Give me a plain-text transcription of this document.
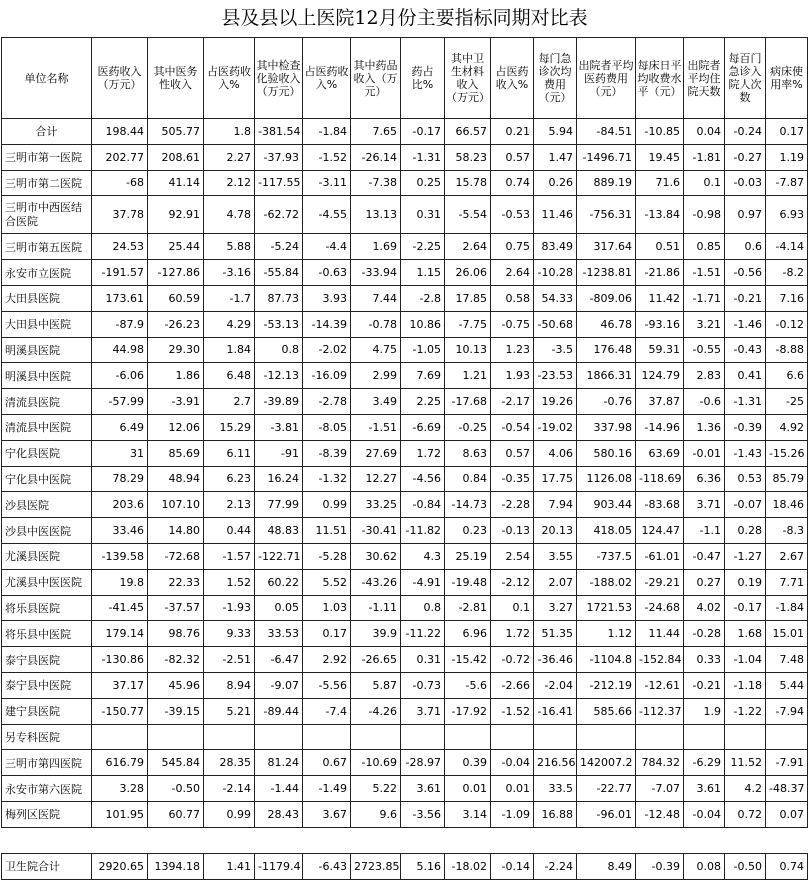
县及县以上医院12月份主要指标同期对比表
单位名称	医药收入（万元）	其中医务性收入	占医药收入%	其中检查化验收入（万元）	占医药收入%	其中药品收入（万元）	药占比%	其中卫生材料收入（万元）	占医药收入%	每门急诊次均费用（元）	出院者平均医药费用（元）	每床日平均收费水平（元）	出院者平均住院天数	每百门急诊入院人次数	病床使用率%
合计	198.44	505.77	1.8	-381.54	-1.84	7.65	-0.17	66.57	0.21	5.94	-84.51	-10.85	0.04	-0.24	0.17
三明市第一医院	202.77	208.61	2.27	-37.93	-1.52	-26.14	-1.31	58.23	0.57	1.47	-1496.71	19.45	-1.81	-0.27	1.19
三明市第二医院	-68	41.14	2.12	-117.55	-3.11	-7.38	0.25	15.78	0.74	0.26	889.19	71.6	0.1	-0.03	-7.87
三明市中西医结合医院	37.78	92.91	4.78	-62.72	-4.55	13.13	0.31	-5.54	-0.53	11.46	-756.31	-13.84	-0.98	0.97	6.93
三明市第五医院	24.53	25.44	5.88	-5.24	-4.4	1.69	-2.25	2.64	0.75	83.49	317.64	0.51	0.85	0.6	-4.14
永安市立医院	-191.57	-127.86	-3.16	-55.84	-0.63	-33.94	1.15	26.06	2.64	-10.28	-1238.81	-21.86	-1.51	-0.56	-8.2
大田县医院	173.61	60.59	-1.7	87.73	3.93	7.44	-2.8	17.85	0.58	54.33	-809.06	11.42	-1.71	-0.21	7.16
大田县中医院	-87.9	-26.23	4.29	-53.13	-14.39	-0.78	10.86	-7.75	-0.75	-50.68	46.78	-93.16	3.21	-1.46	-0.12
明溪县医院	44.98	29.30	1.84	0.8	-2.02	4.75	-1.05	10.13	1.23	-3.5	176.48	59.31	-0.55	-0.43	-8.88
明溪县中医院	-6.06	1.86	6.48	-12.13	-16.09	2.99	7.69	1.21	1.93	-23.53	1866.31	124.79	2.83	0.41	6.6
清流县医院	-57.99	-3.91	2.7	-39.89	-2.78	3.49	2.25	-17.68	-2.17	19.26	-0.76	37.87	-0.6	-1.31	-25
清流县中医院	6.49	12.06	15.29	-3.81	-8.05	-1.51	-6.69	-0.25	-0.54	-19.02	337.98	-14.96	1.36	-0.39	4.92
宁化县医院	31	85.69	6.11	-91	-8.39	27.69	1.72	8.63	0.57	4.06	580.16	63.69	-0.01	-1.43	-15.26
宁化县中医院	78.29	48.94	6.23	16.24	-1.32	12.27	-4.56	0.84	-0.35	17.75	1126.08	-118.69	6.36	0.53	85.79
沙县医院	203.6	107.10	2.13	77.99	0.99	33.25	-0.84	-14.73	-2.28	7.94	903.44	-83.68	3.71	-0.07	18.46
沙县中医医院	33.46	14.80	0.44	48.83	11.51	-30.41	-11.82	0.23	-0.13	20.13	418.05	124.47	-1.1	0.28	-8.3
尤溪县医院	-139.58	-72.68	-1.57	-122.71	-5.28	30.62	4.3	25.19	2.54	3.55	-737.5	-61.01	-0.47	-1.27	2.67
尤溪县中医医院	19.8	22.33	1.52	60.22	5.52	-43.26	-4.91	-19.48	-2.12	2.07	-188.02	-29.21	0.27	0.19	7.71
将乐县医院	-41.45	-37.57	-1.93	0.05	1.03	-1.11	0.8	-2.81	0.1	3.27	1721.53	-24.68	4.02	-0.17	-1.84
将乐县中医院	179.14	98.76	9.33	33.53	0.17	39.9	-11.22	6.96	1.72	51.35	1.12	11.44	-0.28	1.68	15.01
泰宁县医院	-130.86	-82.32	-2.51	-6.47	2.92	-26.65	0.31	-15.42	-0.72	-36.46	-1104.8	-152.84	0.33	-1.04	7.48
泰宁县中医院	37.17	45.96	8.94	-9.07	-5.56	5.87	-0.73	-5.6	-2.66	-2.04	-212.19	-12.61	-0.21	-1.18	5.44
建宁县医院	-150.77	-39.15	5.21	-89.44	-7.4	-4.26	3.71	-17.92	-1.52	-16.41	585.66	-112.37	1.9	-1.22	-7.94
另专科医院															
三明市第四医院	616.79	545.84	28.35	81.24	0.67	-10.69	-28.97	0.39	-0.04	216.56	142007.2	784.32	-6.29	11.52	-7.91
永安市第六医院	3.28	-0.50	-2.14	-1.44	-1.49	5.22	3.61	0.01	0.01	33.5	-22.77	-7.07	3.61	4.2	-48.37
梅列区医院	101.95	60.77	0.99	28.43	3.67	9.6	-3.56	3.14	-1.09	16.88	-96.01	-12.48	-0.04	0.72	0.07

卫生院合计	2920.65	1394.18	1.41	-1179.4	-6.43	2723.85	5.16	-18.02	-0.14	-2.24	8.49	-0.39	0.08	-0.50	0.74
